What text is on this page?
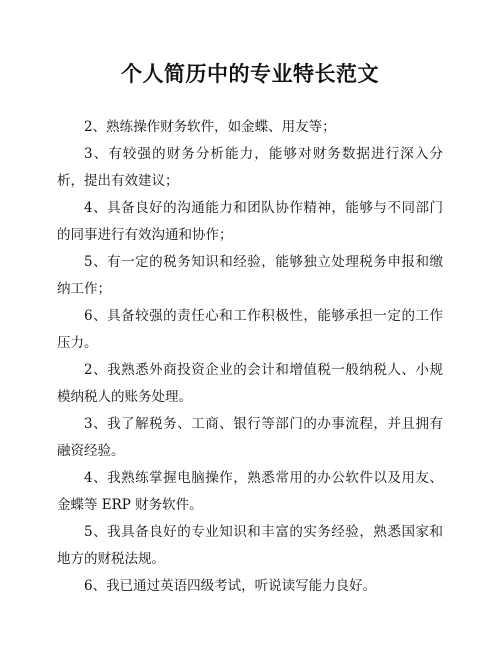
个人简历中的专业特长范文

2、熟练操作财务软件，如金蝶、用友等；

3、有较强的财务分析能力，能够对财务数据进行深入分析，提出有效建议；

4、具备良好的沟通能力和团队协作精神，能够与不同部门的同事进行有效沟通和协作；

5、有一定的税务知识和经验，能够独立处理税务申报和缴纳工作；

6、具备较强的责任心和工作积极性，能够承担一定的工作压力。

2、我熟悉外商投资企业的会计和增值税一般纳税人、小规模纳税人的账务处理。

3、我了解税务、工商、银行等部门的办事流程，并且拥有融资经验。

4、我熟练掌握电脑操作，熟悉常用的办公软件以及用友、金蝶等 ERP 财务软件。

5、我具备良好的专业知识和丰富的实务经验，熟悉国家和地方的财税法规。

6、我已通过英语四级考试，听说读写能力良好。
